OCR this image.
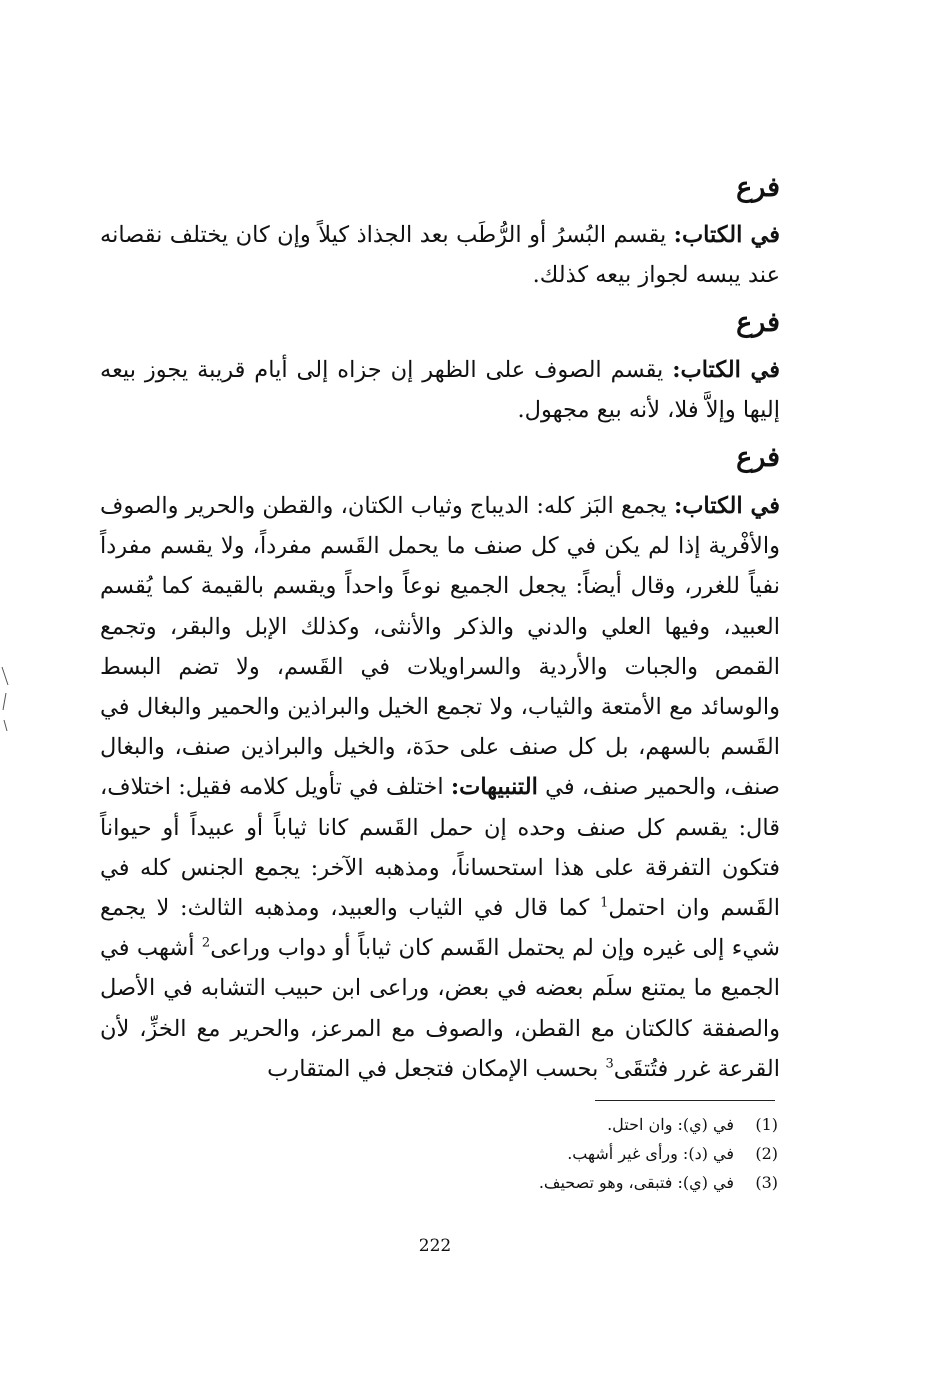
فرع

في الكتاب: يقسم البُسرُ أو الرُّطَب بعد الجذاذ كيلاً وإن كان يختلف نقصانه عند يبسه لجواز بيعه كذلك.

فرع

في الكتاب: يقسم الصوف على الظهر إن جزاه إلى أيام قريبة يجوز بيعه إليها وإلاَّ فلا، لأنه بيع مجهول.

فرع

في الكتاب: يجمع البَز كله: الديباج وثياب الكتان، والقطن والحرير والصوف والأفْرية إذا لم يكن في كل صنف ما يحمل القَسم مفرداً، ولا يقسم مفرداً نفياً للغرر، وقال أيضاً: يجعل الجميع نوعاً واحداً ويقسم بالقيمة كما يُقسم العبيد، وفيها العلي والدني والذكر والأنثى، وكذلك الإبل والبقر، وتجمع القمص والجبات والأردية والسراويلات في القَسم، ولا تضم البسط والوسائد مع الأمتعة والثياب، ولا تجمع الخيل والبراذين والحمير والبغال في القَسم بالسهم، بل كل صنف على حدَة، والخيل والبراذين صنف، والبغال صنف، والحمير صنف، في التنبيهات: اختلف في تأويل كلامه فقيل: اختلاف، قال: يقسم كل صنف وحده إن حمل القَسم كانا ثياباً أو عبيداً أو حيواناً فتكون التفرقة على هذا استحساناً، ومذهبه الآخر: يجمع الجنس كله في القَسم وان احتمل$^1$ كما قال في الثياب والعبيد، ومذهبه الثالث: لا يجمع شيء إلى غيره وإن لم يحتمل القَسم كان ثياباً أو دواب وراعى$^2$ أشهب في الجميع ما يمتنع سلَم بعضه في بعض، وراعى ابن حبيب التشابه في الأصل والصفقة كالكتان مع القطن، والصوف مع المرعز، والحرير مع الخزِّ، لأن القرعة غرر فتُتقَى$^3$ بحسب الإمكان فتجعل في المتقارب

(1)
في (ي): وان احتل.
(2)
في (د): ورأى غير أشهب.
(3)
في (ي): فتبقى، وهو تصحيف.
222
